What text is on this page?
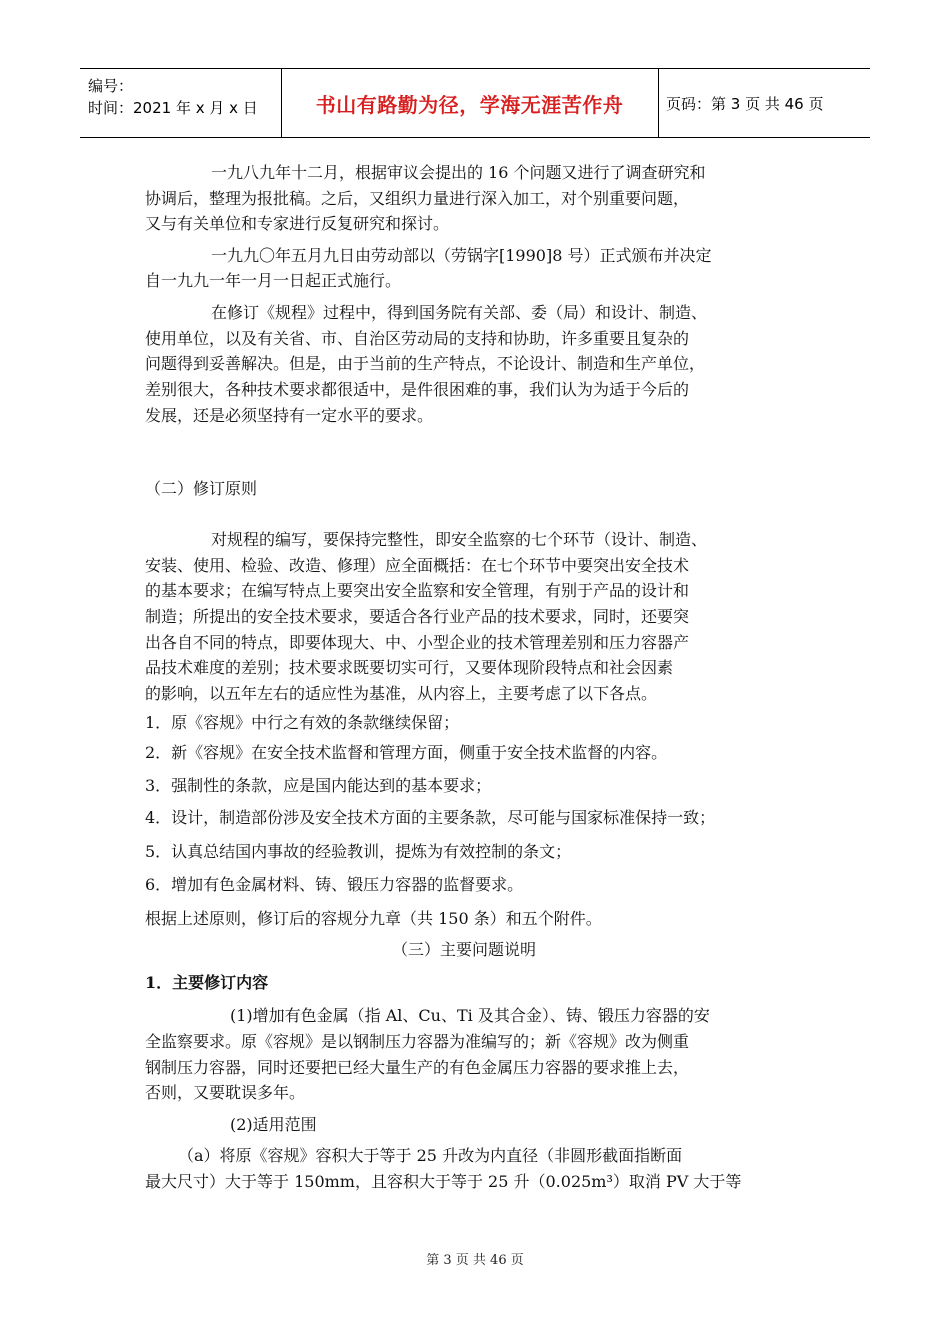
编号：
时间：2021 年 x 月 x 日	书山有路勤为径，学海无涯苦作舟	页码：第 3 页 共 46 页
一九八九年十二月，根据审议会提出的 16 个问题又进行了调查研究和
协调后，整理为报批稿。之后，又组织力量进行深入加工，对个别重要问题，
又与有关单位和专家进行反复研究和探讨。
一九九〇年五月九日由劳动部以（劳锅字[1990]8 号）正式颁布并决定
自一九九一年一月一日起正式施行。
在修订《规程》过程中，得到国务院有关部、委（局）和设计、制造、
使用单位，以及有关省、市、自治区劳动局的支持和协助，许多重要且复杂的
问题得到妥善解决。但是，由于当前的生产特点，不论设计、制造和生产单位，
差别很大，各种技术要求都很适中，是件很困难的事，我们认为为适于今后的
发展，还是必须坚持有一定水平的要求。
（二）修订原则
对规程的编写，要保持完整性，即安全监察的七个环节（设计、制造、
安装、使用、检验、改造、修理）应全面概括：在七个环节中要突出安全技术
的基本要求；在编写特点上要突出安全监察和安全管理，有别于产品的设计和
制造；所提出的安全技术要求，要适合各行业产品的技术要求，同时，还要突
出各自不同的特点，即要体现大、中、小型企业的技术管理差别和压力容器产
品技术难度的差别；技术要求既要切实可行，又要体现阶段特点和社会因素
的影响，以五年左右的适应性为基准，从内容上，主要考虑了以下各点。
1．原《容规》中行之有效的条款继续保留；
2．新《容规》在安全技术监督和管理方面，侧重于安全技术监督的内容。
3．强制性的条款，应是国内能达到的基本要求；
4．设计，制造部份涉及安全技术方面的主要条款，尽可能与国家标准保持一致；
5．认真总结国内事故的经验教训，提炼为有效控制的条文；
6．增加有色金属材料、铸、锻压力容器的监督要求。
根据上述原则，修订后的容规分九章（共 150 条）和五个附件。
（三）主要问题说明
1．主要修订内容
(1)增加有色金属（指 Al、Cu、Ti 及其合金）、铸、锻压力容器的安
全监察要求。原《容规》是以钢制压力容器为准编写的；新《容规》改为侧重
钢制压力容器，同时还要把已经大量生产的有色金属压力容器的要求推上去，
否则，又要耽误多年。
(2)适用范围
（a）将原《容规》容积大于等于 25 升改为内直径（非圆形截面指断面
最大尺寸）大于等于 150mm，且容积大于等于 25 升（0.025m³）取消 PV 大于等
第 3 页 共 46 页
